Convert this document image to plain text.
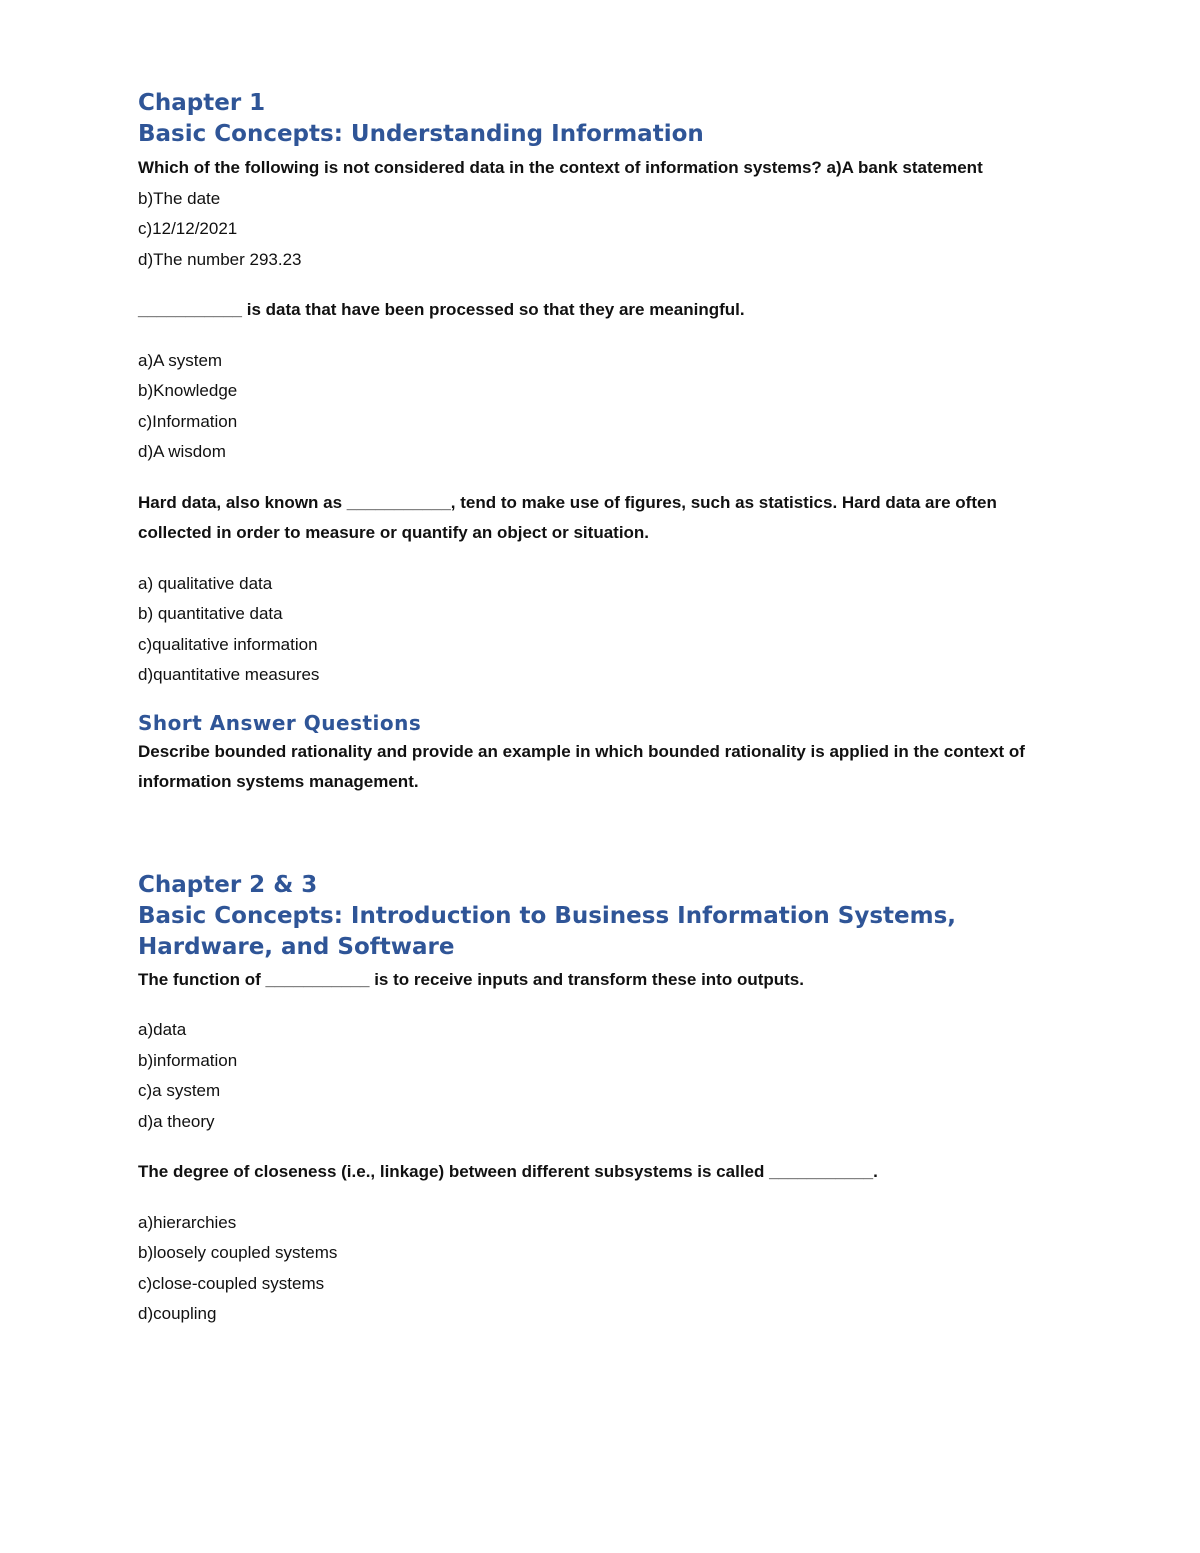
Chapter 1
Basic Concepts: Understanding Information

Which of the following is not considered data in the context of information systems? a)A bank statement

b)The date
c)12/12/2021
d)The number 293.23

___________ is data that have been processed so that they are meaningful.

a)A system
b)Knowledge
c)Information
d)A wisdom

Hard data, also known as ___________, tend to make use of figures, such as statistics. Hard data are often collected in order to measure or quantify an object or situation.

a) qualitative data
b) quantitative data
c)qualitative information
d)quantitative measures
Short Answer Questions

Describe bounded rationality and provide an example in which bounded rationality is applied in the context of information systems management.

Chapter 2 & 3
Basic Concepts: Introduction to Business Information Systems, Hardware, and Software

The function of ___________ is to receive inputs and transform these into outputs.

a)data
b)information
c)a system
d)a theory

The degree of closeness (i.e., linkage) between different subsystems is called ___________.

a)hierarchies
b)loosely coupled systems
c)close-coupled systems
d)coupling
